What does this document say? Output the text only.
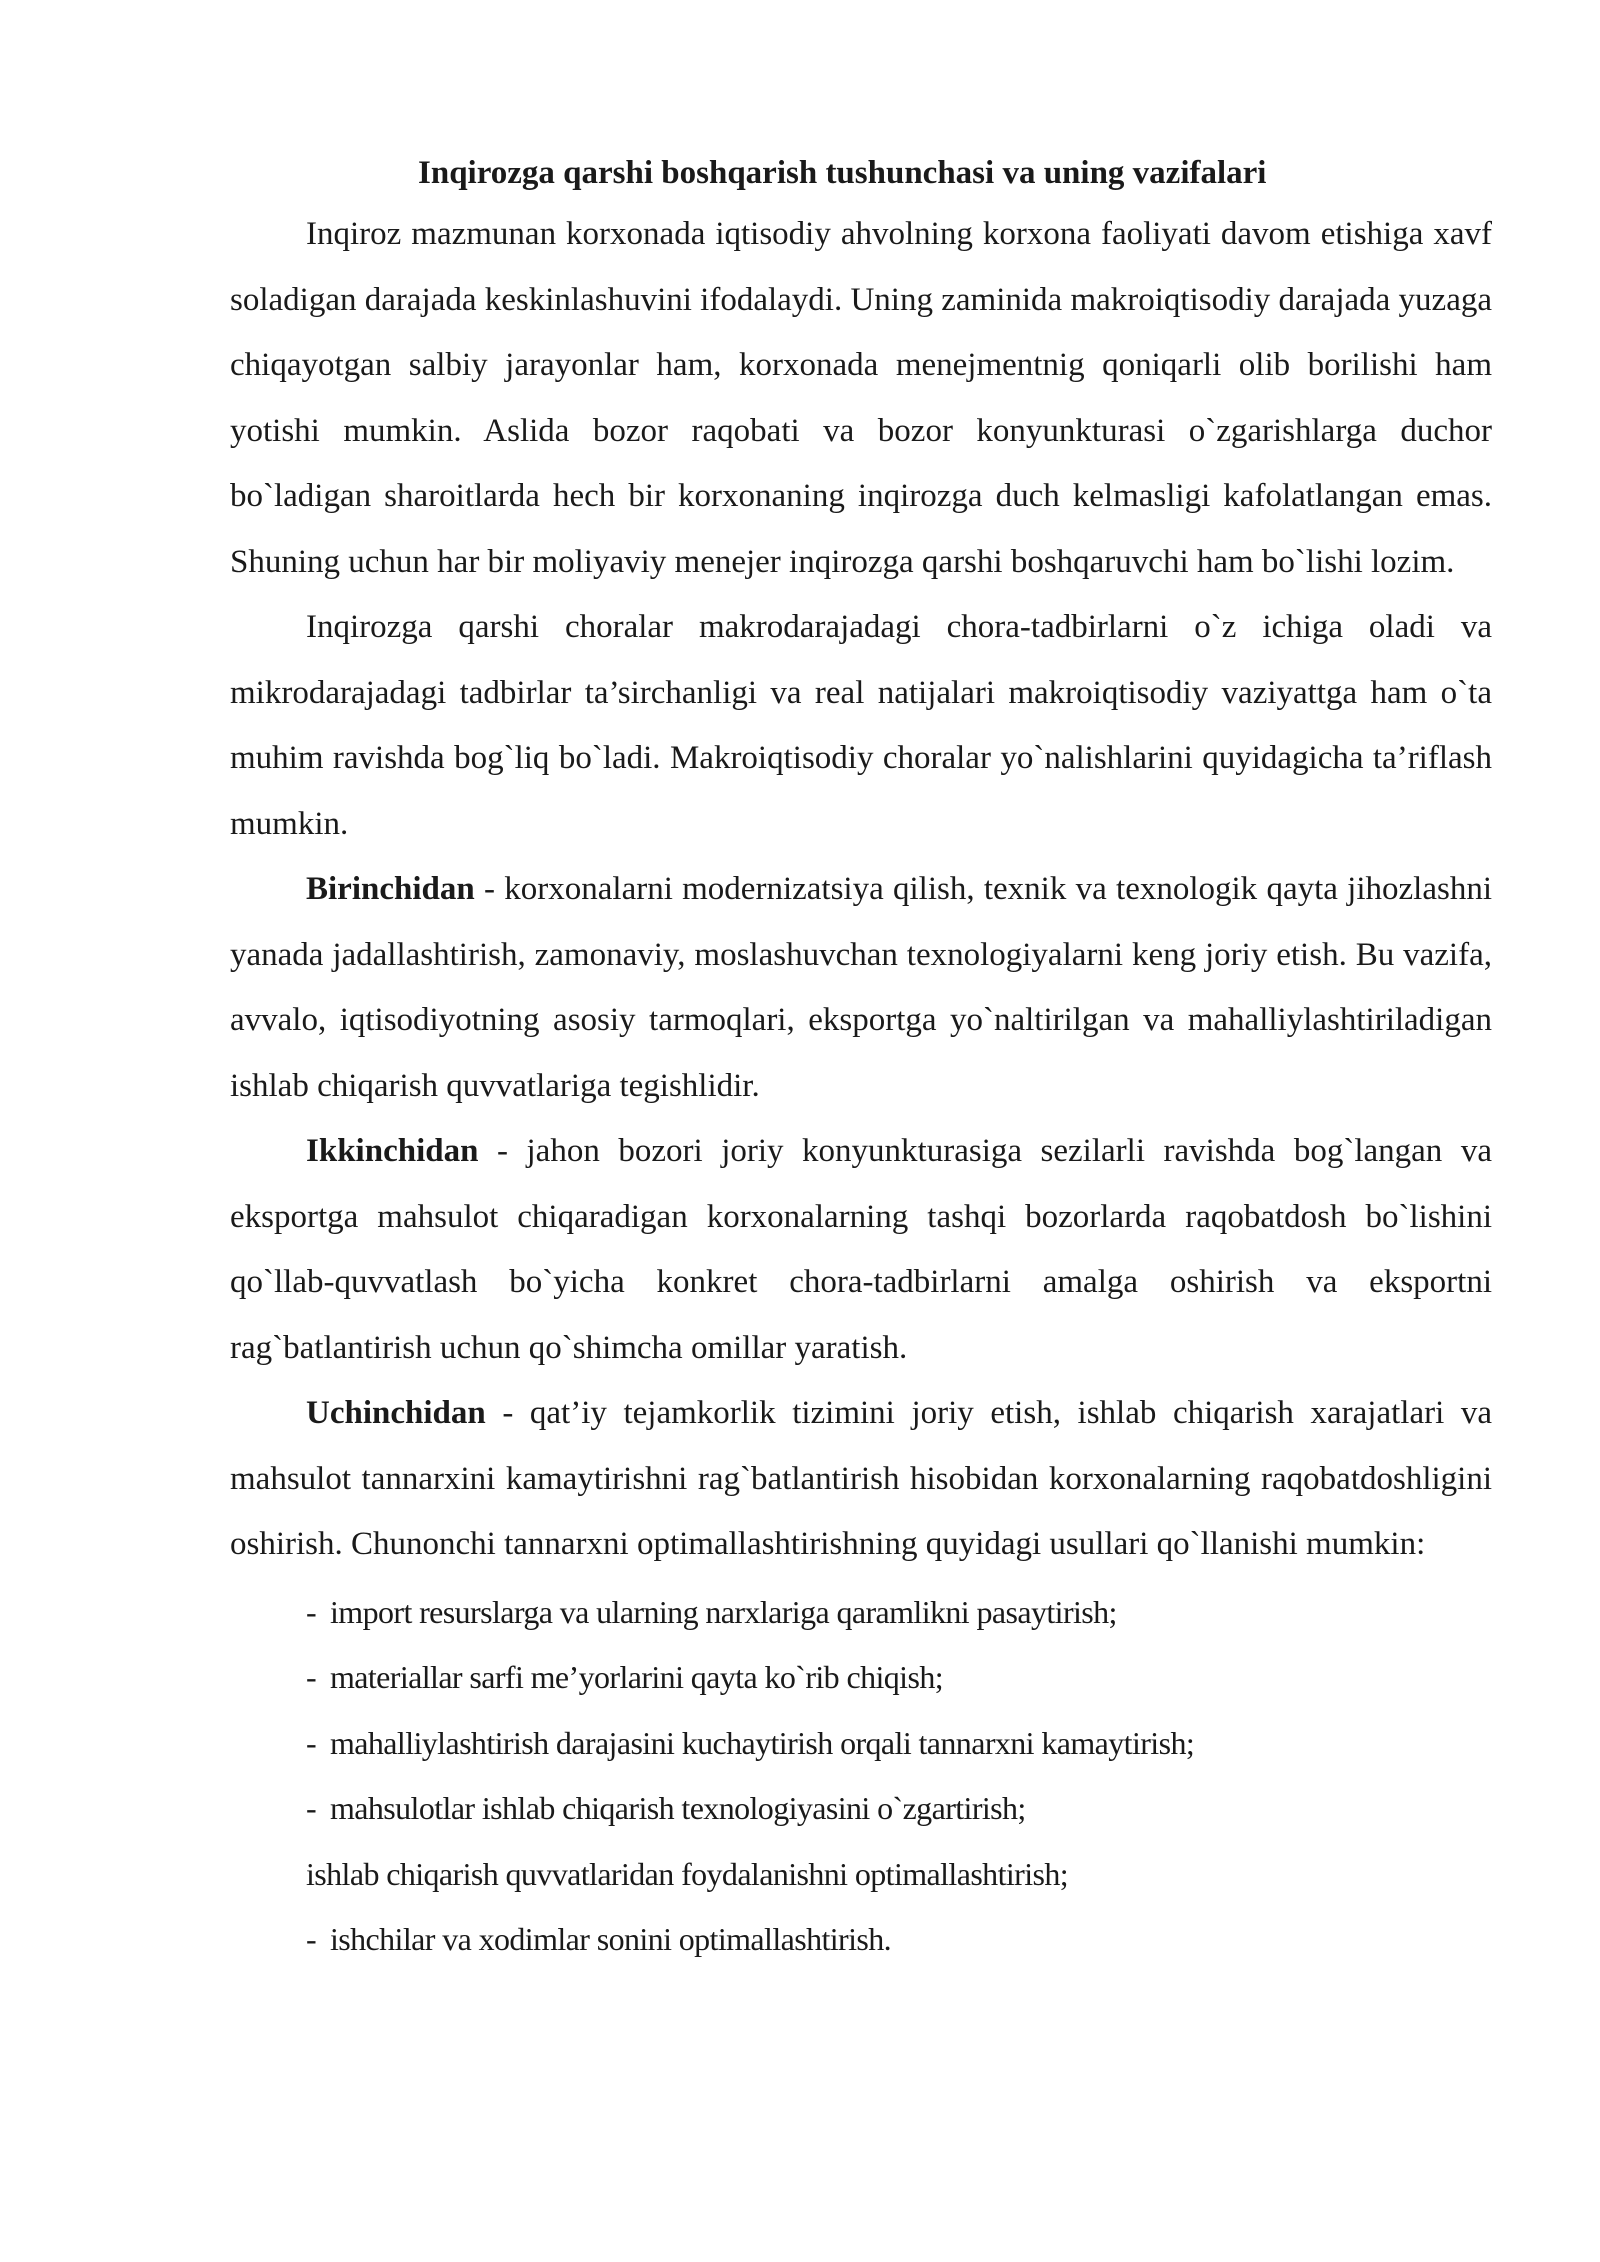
Inqirozga qarshi boshqarish tushunchasi va uning vazifalari

Inqiroz mazmunan korxonada iqtisodiy ahvolning korxona faoliyati davom etishiga xavf soladigan darajada keskinlashuvini ifodalaydi. Uning zaminida makroiqtisodiy darajada yuzaga chiqayotgan salbiy jarayonlar ham, korxonada menejmentnig qoniqarli olib borilishi ham yotishi mumkin. Aslida bozor raqobati va bozor konyunkturasi o`zgarishlarga duchor bo`ladigan sharoitlarda hech bir korxonaning inqirozga duch kelmasligi kafolatlangan emas. Shuning uchun har bir moliyaviy menejer inqirozga qarshi boshqaruvchi ham bo`lishi lozim.

Inqirozga qarshi choralar makrodarajadagi chora-tadbirlarni o`z ichiga oladi va mikrodarajadagi tadbirlar ta’sirchanligi va real natijalari makroiqtisodiy vaziyattga ham o`ta muhim ravishda bog`liq bo`ladi. Makroiqtisodiy choralar yo`nalishlarini quyidagicha ta’riflash mumkin.

Birinchidan - korxonalarni modernizatsiya qilish, texnik va texnologik qayta jihozlashni yanada jadallashtirish, zamonaviy, moslashuvchan texnologiyalarni keng joriy etish. Bu vazifa, avvalo, iqtisodiyotning asosiy tarmoqlari, eksportga yo`naltirilgan va mahalliylashtiriladigan ishlab chiqarish quvvatlariga tegishlidir.

Ikkinchidan - jahon bozori joriy konyunkturasiga sezilarli ravishda bog`langan va eksportga mahsulot chiqaradigan korxonalarning tashqi bozorlarda raqobatdosh bo`lishini qo`llab-quvvatlash bo`yicha konkret chora-tadbirlarni amalga oshirish va eksportni rag`batlantirish uchun qo`shimcha omillar yaratish.

Uchinchidan - qat’iy tejamkorlik tizimini joriy etish, ishlab chiqarish xarajatlari va mahsulot tannarxini kamaytirishni rag`batlantirish hisobidan korxonalarning raqobatdoshligini oshirish. Chunonchi tannarxni optimallashtirishning quyidagi usullari qo`llanishi mumkin:

- import resurslarga va ularning narxlariga qaramlikni pasaytirish;
- materiallar sarfi me’yorlarini qayta ko`rib chiqish;
- mahalliylashtirish darajasini kuchaytirish orqali tannarxni kamaytirish;
- mahsulotlar ishlab chiqarish texnologiyasini o`zgartirish;
ishlab chiqarish quvvatlaridan foydalanishni optimallashtirish;
- ishchilar va xodimlar sonini optimallashtirish.
